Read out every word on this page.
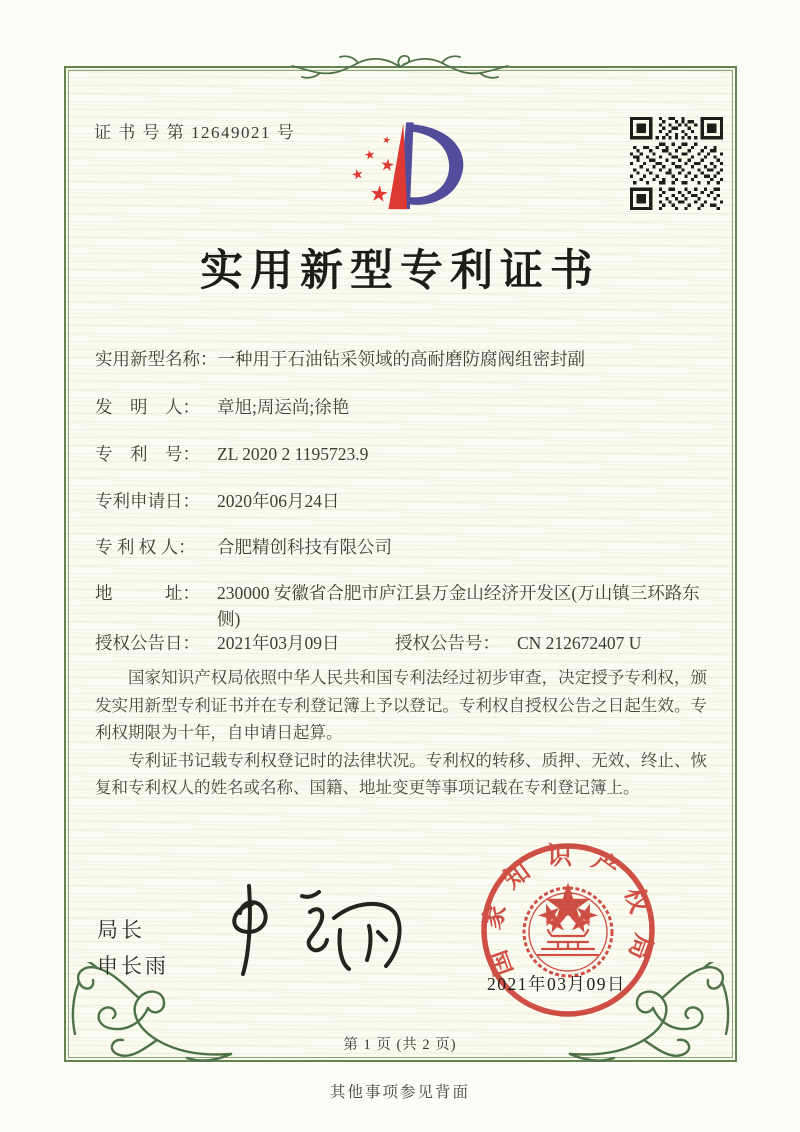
证 书 号 第 12649021 号
实用新型专利证书
实用新型名称： 一种用于石油钻采领域的高耐磨防腐阀组密封副
发　明　人： 章旭;周运尚;徐艳
专　利　号： ZL 2020 2 1195723.9
专利申请日： 2020年06月24日
专 利 权 人：	合肥精创科技有限公司
地　　　址： 230000 安徽省合肥市庐江县万金山经济开发区(万山镇三环路东侧)
授权公告日： 2021年03月09日	授权公告号： CN 212672407 U

国家知识产权局依照中华人民共和国专利法经过初步审查，决定授予专利权，颁发实用新型专利证书并在专利登记簿上予以登记。专利权自授权公告之日起生效。专利权期限为十年，自申请日起算。

专利证书记载专利权登记时的法律状况。专利权的转移、质押、无效、终止、恢复和专利权人的姓名或名称、国籍、地址变更等事项记载在专利登记簿上。

局长
申长雨	国家知识产权局
2021年03月09日
第 1 页 (共 2 页)
其他事项参见背面
